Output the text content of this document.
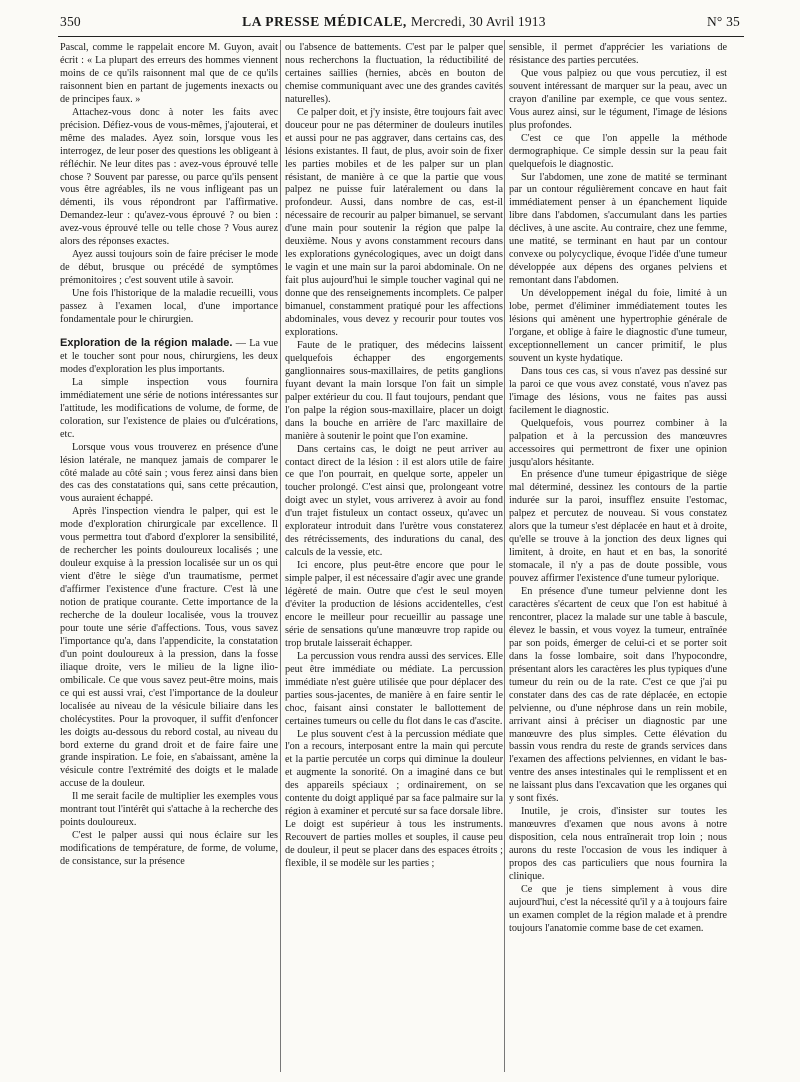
350	LA PRESSE MÉDICALE, Mercredi, 30 Avril 1913	N° 35

Pascal, comme le rappelait encore M. Guyon, avait écrit : « La plupart des erreurs des hommes viennent moins de ce qu'ils raisonnent mal que de ce qu'ils raisonnent bien en partant de jugements inexacts ou de principes faux. »

Attachez-vous donc à noter les faits avec précision. Défiez-vous de vous-mêmes, j'ajouterai, et même des malades. Ayez soin, lorsque vous les interrogez, de leur poser des questions les obligeant à réfléchir. Ne leur dites pas : avez-vous éprouvé telle chose ? Souvent par paresse, ou parce qu'ils pensent vous être agréables, ils ne vous infligeant pas un démenti, ils vous répondront par l'affirmative. Demandez-leur : qu'avez-vous éprouvé ? ou bien : avez-vous éprouvé telle ou telle chose ? Vous aurez alors des réponses exactes.

Ayez aussi toujours soin de faire préciser le mode de début, brusque ou précédé de symptômes prémonitoires ; c'est souvent utile à savoir.

Une fois l'historique de la maladie recueilli, vous passez à l'examen local, d'une importance fondamentale pour le chirurgien.

Exploration de la région malade. — La vue et le toucher sont pour nous, chirurgiens, les deux modes d'exploration les plus importants.

La simple inspection vous fournira immédiatement une série de notions intéressantes sur l'attitude, les modifications de volume, de forme, de coloration, sur l'existence de plaies ou d'ulcérations, etc.

Lorsque vous vous trouverez en présence d'une lésion latérale, ne manquez jamais de comparer le côté malade au côté sain ; vous ferez ainsi dans bien des cas des constatations qui, sans cette précaution, vous auraient échappé.

Après l'inspection viendra le palper, qui est le mode d'exploration chirurgicale par excellence. Il vous permettra tout d'abord d'explorer la sensibilité, de rechercher les points douloureux localisés ; une douleur exquise à la pression localisée sur un os qui vient d'être le siège d'un traumatisme, permet d'affirmer l'existence d'une fracture. C'est là une notion de pratique courante. Cette importance de la recherche de la douleur localisée, vous la trouvez pour toute une série d'affections. Tous, vous savez l'importance qu'a, dans l'appendicite, la constatation d'un point douloureux à la pression, dans la fosse iliaque droite, vers le milieu de la ligne ilio-ombilicale. Ce que vous savez peut-être moins, mais ce qui est aussi vrai, c'est l'importance de la douleur localisée au niveau de la vésicule biliaire dans les cholécystites. Pour la provoquer, il suffit d'enfoncer les doigts au-dessous du rebord costal, au niveau du bord externe du grand droit et de faire faire une grande inspiration. Le foie, en s'abaissant, amène la vésicule contre l'extrémité des doigts et le malade accuse de la douleur.

Il me serait facile de multiplier les exemples vous montrant tout l'intérêt qui s'attache à la recherche des points douloureux.

C'est le palper aussi qui nous éclaire sur les modifications de température, de forme, de volume, de consistance, sur la présence

ou l'absence de battements. C'est par le palper que nous recherchons la fluctuation, la réductibilité de certaines saillies (hernies, abcès en bouton de chemise communiquant avec une des grandes cavités naturelles).

Ce palper doit, et j'y insiste, être toujours fait avec douceur pour ne pas déterminer de douleurs inutiles et aussi pour ne pas aggraver, dans certains cas, des lésions existantes. Il faut, de plus, avoir soin de fixer les parties mobiles et de les palper sur un plan résistant, de manière à ce que la partie que vous palpez ne puisse fuir latéralement ou dans la profondeur. Aussi, dans nombre de cas, est-il nécessaire de recourir au palper bimanuel, se servant d'une main pour soutenir la région que palpe la deuxième. Nous y avons constamment recours dans les explorations gynécologiques, avec un doigt dans le vagin et une main sur la paroi abdominale. On ne fait plus aujourd'hui le simple toucher vaginal qui ne donne que des renseignements incomplets. Ce palper bimanuel, constamment pratiqué pour les affections abdominales, vous devez y recourir pour toutes vos explorations.

Faute de le pratiquer, des médecins laissent quelquefois échapper des engorgements ganglionnaires sous-maxillaires, de petits ganglions fuyant devant la main lorsque l'on fait un simple palper extérieur du cou. Il faut toujours, pendant que l'on palpe la région sous-maxillaire, placer un doigt dans la bouche en arrière de l'arc maxillaire de manière à soutenir le point que l'on examine.

Dans certains cas, le doigt ne peut arriver au contact direct de la lésion : il est alors utile de faire ce que l'on pourrait, en quelque sorte, appeler un toucher prolongé. C'est ainsi que, prolongeant votre doigt avec un stylet, vous arriverez à avoir au fond d'un trajet fistuleux un contact osseux, qu'avec un explorateur introduit dans l'urètre vous constaterez des rétrécissements, des indurations du canal, des calculs de la vessie, etc.

Ici encore, plus peut-être encore que pour le simple palper, il est nécessaire d'agir avec une grande légèreté de main. Outre que c'est le seul moyen d'éviter la production de lésions accidentelles, c'est encore le meilleur pour recueillir au passage une série de sensations qu'une manœuvre trop rapide ou trop brutale laisserait échapper.

La percussion vous rendra aussi des services. Elle peut être immédiate ou médiate. La percussion immédiate n'est guère utilisée que pour déplacer des parties sous-jacentes, de manière à en faire sentir le choc, faisant ainsi constater le ballottement de certaines tumeurs ou celle du flot dans le cas d'ascite.

Le plus souvent c'est à la percussion médiate que l'on a recours, interposant entre la main qui percute et la partie percutée un corps qui diminue la douleur et augmente la sonorité. On a imaginé dans ce but des appareils spéciaux ; ordinairement, on se contente du doigt appliqué par sa face palmaire sur la région à examiner et percuté sur sa face dorsale libre. Le doigt est supérieur à tous les instruments. Recouvert de parties molles et souples, il cause peu de douleur, il peut se placer dans des espaces étroits ; flexible, il se modèle sur les parties ;

sensible, il permet d'apprécier les variations de résistance des parties percutées.

Que vous palpiez ou que vous percutiez, il est souvent intéressant de marquer sur la peau, avec un crayon d'aniline par exemple, ce que vous sentez. Vous aurez ainsi, sur le tégument, l'image de lésions plus profondes.

C'est ce que l'on appelle la méthode dermographique. Ce simple dessin sur la peau fait quelquefois le diagnostic.

Sur l'abdomen, une zone de matité se terminant par un contour régulièrement concave en haut fait immédiatement penser à un épanchement liquide libre dans l'abdomen, s'accumulant dans les parties déclives, à une ascite. Au contraire, chez une femme, une matité, se terminant en haut par un contour convexe ou polycyclique, évoque l'idée d'une tumeur développée aux dépens des organes pelviens et remontant dans l'abdomen.

Un développement inégal du foie, limité à un lobe, permet d'éliminer immédiatement toutes les lésions qui amènent une hypertrophie générale de l'organe, et oblige à faire le diagnostic d'une tumeur, exceptionnellement un cancer primitif, le plus souvent un kyste hydatique.

Dans tous ces cas, si vous n'avez pas dessiné sur la paroi ce que vous avez constaté, vous n'avez pas l'image des lésions, vous ne faites pas aussi facilement le diagnostic.

Quelquefois, vous pourrez combiner à la palpation et à la percussion des manœuvres accessoires qui permettront de fixer une opinion jusqu'alors hésitante.

En présence d'une tumeur épigastrique de siège mal déterminé, dessinez les contours de la partie indurée sur la paroi, insufflez ensuite l'estomac, palpez et percutez de nouveau. Si vous constatez alors que la tumeur s'est déplacée en haut et à droite, qu'elle se trouve à la jonction des deux lignes qui limitent, à droite, en haut et en bas, la sonorité stomacale, il n'y a pas de doute possible, vous pouvez affirmer l'existence d'une tumeur pylorique.

En présence d'une tumeur pelvienne dont les caractères s'écartent de ceux que l'on est habitué à rencontrer, placez la malade sur une table à bascule, élevez le bassin, et vous voyez la tumeur, entraînée par son poids, émerger de celui-ci et se porter soit dans la fosse lombaire, soit dans l'hypocondre, présentant alors les caractères les plus typiques d'une tumeur du rein ou de la rate. C'est ce que j'ai pu constater dans des cas de rate déplacée, en ectopie pelvienne, ou d'une néphrose dans un rein mobile, arrivant ainsi à préciser un diagnostic par une manœuvre des plus simples. Cette élévation du bassin vous rendra du reste de grands services dans l'examen des affections pelviennes, en vidant le bas-ventre des anses intestinales qui le remplissent et en ne laissant plus dans l'excavation que les organes qui y sont fixés.

Inutile, je crois, d'insister sur toutes les manœuvres d'examen que nous avons à notre disposition, cela nous entraînerait trop loin ; nous aurons du reste l'occasion de vous les indiquer à propos des cas particuliers que nous fournira la clinique.

Ce que je tiens simplement à vous dire aujourd'hui, c'est la nécessité qu'il y a à toujours faire un examen complet de la région malade et à prendre toujours l'anatomie comme base de cet examen.
